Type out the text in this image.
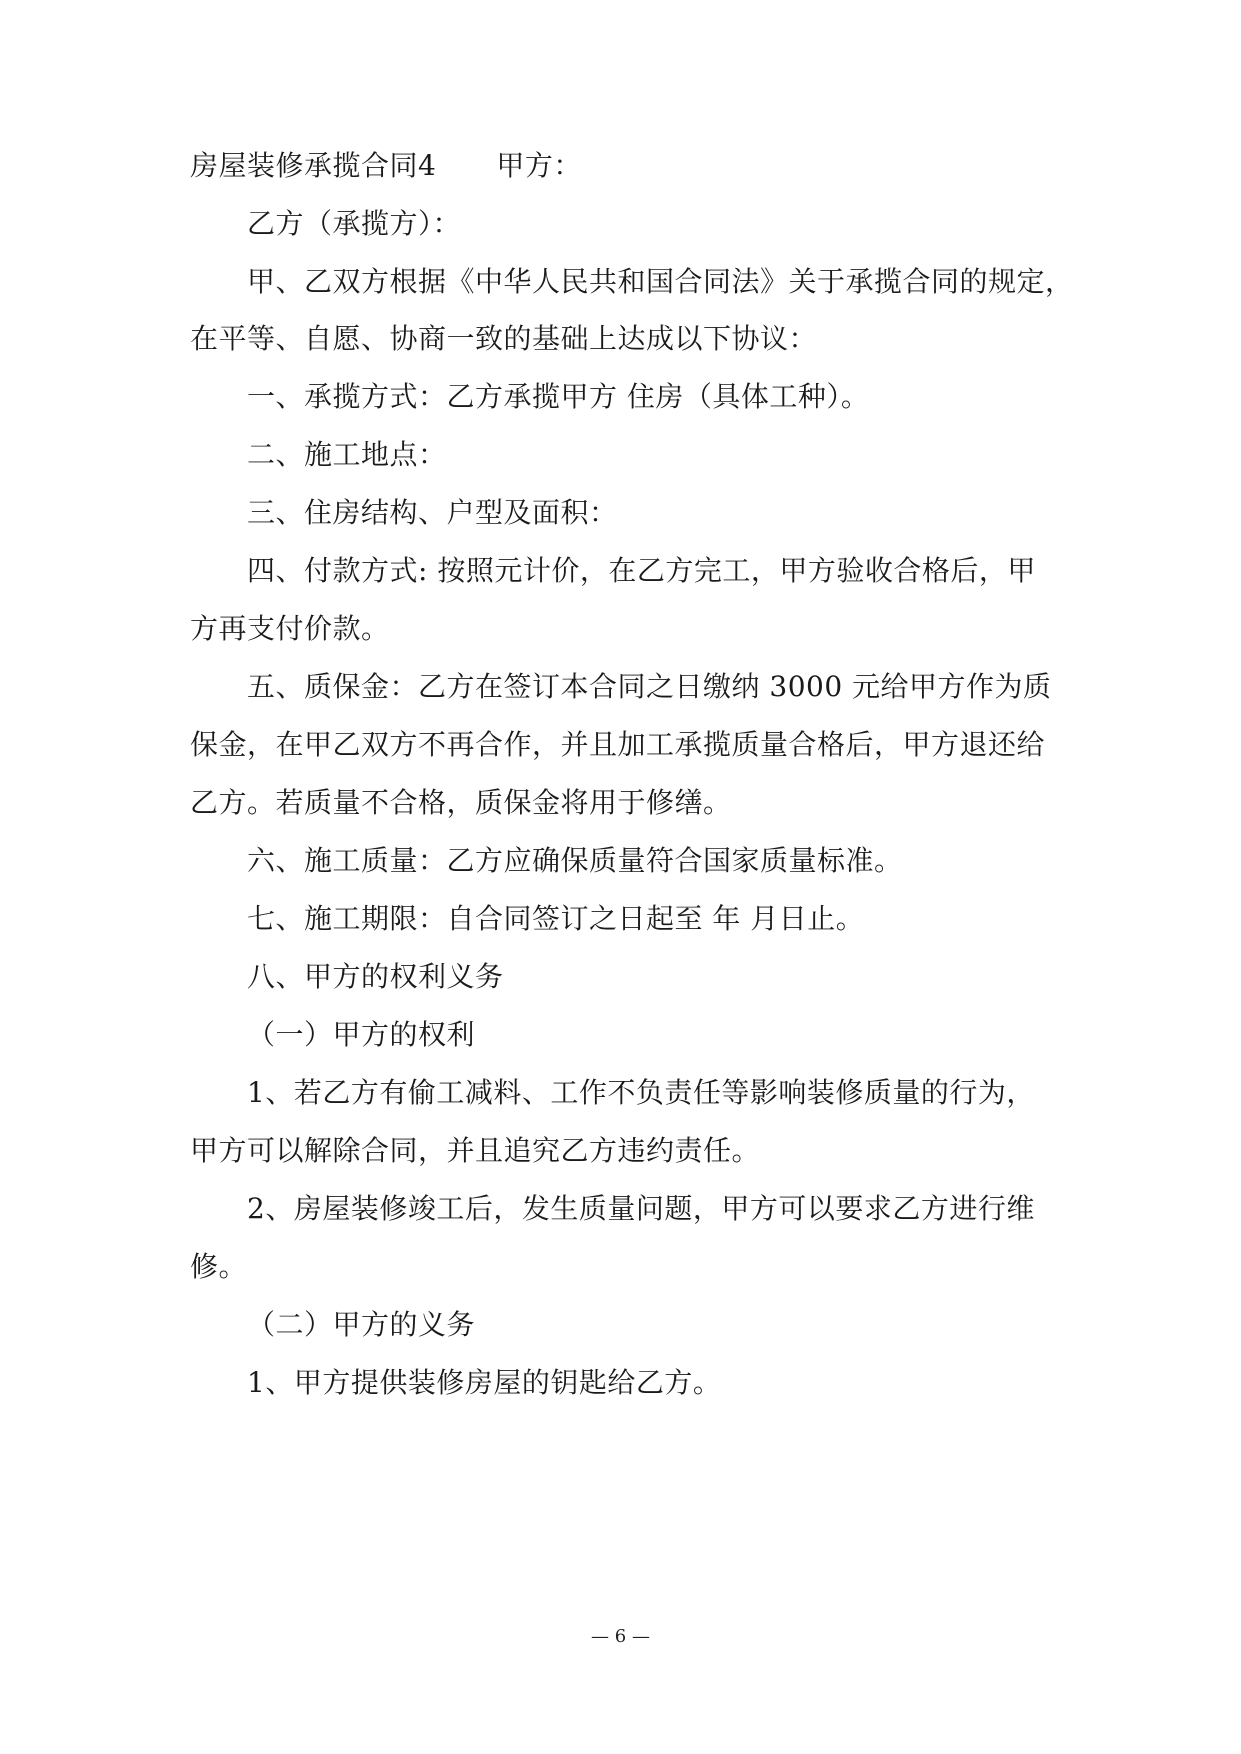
房屋装修承揽合同4 甲方：
乙方（承揽方）：
甲、乙双方根据《中华人民共和国合同法》关于承揽合同的规定，
在平等、自愿、协商一致的基础上达成以下协议：
一、承揽方式：乙方承揽甲方 住房（具体工种）。
二、施工地点：
三、住房结构、户型及面积：
四、付款方式: 按照元计价，在乙方完工，甲方验收合格后，甲
方再支付价款。
五、质保金：乙方在签订本合同之日缴纳 3000 元给甲方作为质
保金，在甲乙双方不再合作，并且加工承揽质量合格后，甲方退还给
乙方。若质量不合格，质保金将用于修缮。
六、施工质量：乙方应确保质量符合国家质量标准。
七、施工期限：自合同签订之日起至 年 月日止。
八、甲方的权利义务
（一）甲方的权利
1、若乙方有偷工减料、工作不负责任等影响装修质量的行为，
甲方可以解除合同，并且追究乙方违约责任。
2、房屋装修竣工后，发生质量问题，甲方可以要求乙方进行维
修。
（二）甲方的义务
1、甲方提供装修房屋的钥匙给乙方。
— 6 —
